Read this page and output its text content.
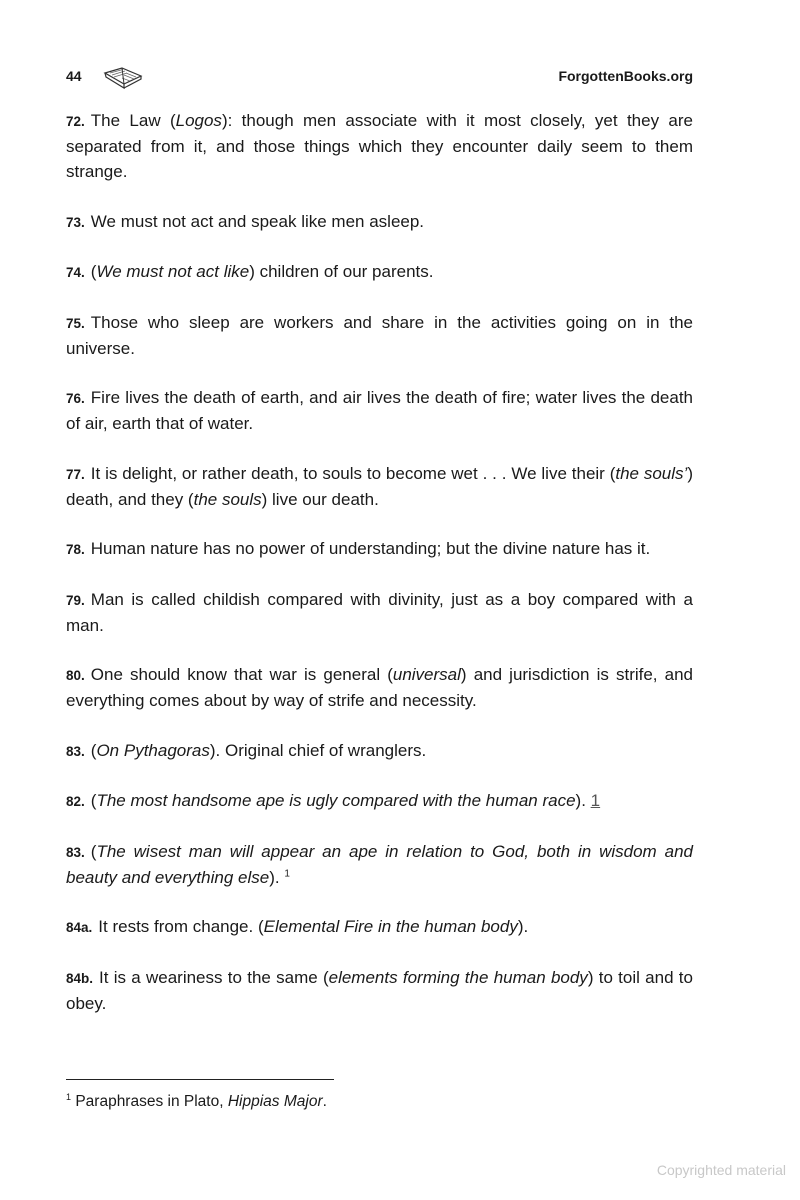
44	ForgottenBooks.org

72. The Law (Logos): though men associate with it most closely, yet they are separated from it, and those things which they encounter daily seem to them strange.

73. We must not act and speak like men asleep.

74. (We must not act like) children of our parents.

75. Those who sleep are workers and share in the activities going on in the universe.

76. Fire lives the death of earth, and air lives the death of fire; water lives the death of air, earth that of water.

77. It is delight, or rather death, to souls to become wet . . . We live their (the souls’) death, and they (the souls) live our death.

78. Human nature has no power of understanding; but the divine nature has it.

79. Man is called childish compared with divinity, just as a boy compared with a man.

80. One should know that war is general (universal) and jurisdiction is strife, and everything comes about by way of strife and necessity.

83. (On Pythagoras). Original chief of wranglers.

82. (The most handsome ape is ugly compared with the human race). 1

83. (The wisest man will appear an ape in relation to God, both in wisdom and beauty and everything else). $^1$

84a. It rests from change. (Elemental Fire in the human body).

84b. It is a weariness to the same (elements forming the human body) to toil and to obey.

$^1$ Paraphrases in Plato, Hippias Major.
Copyrighted material
